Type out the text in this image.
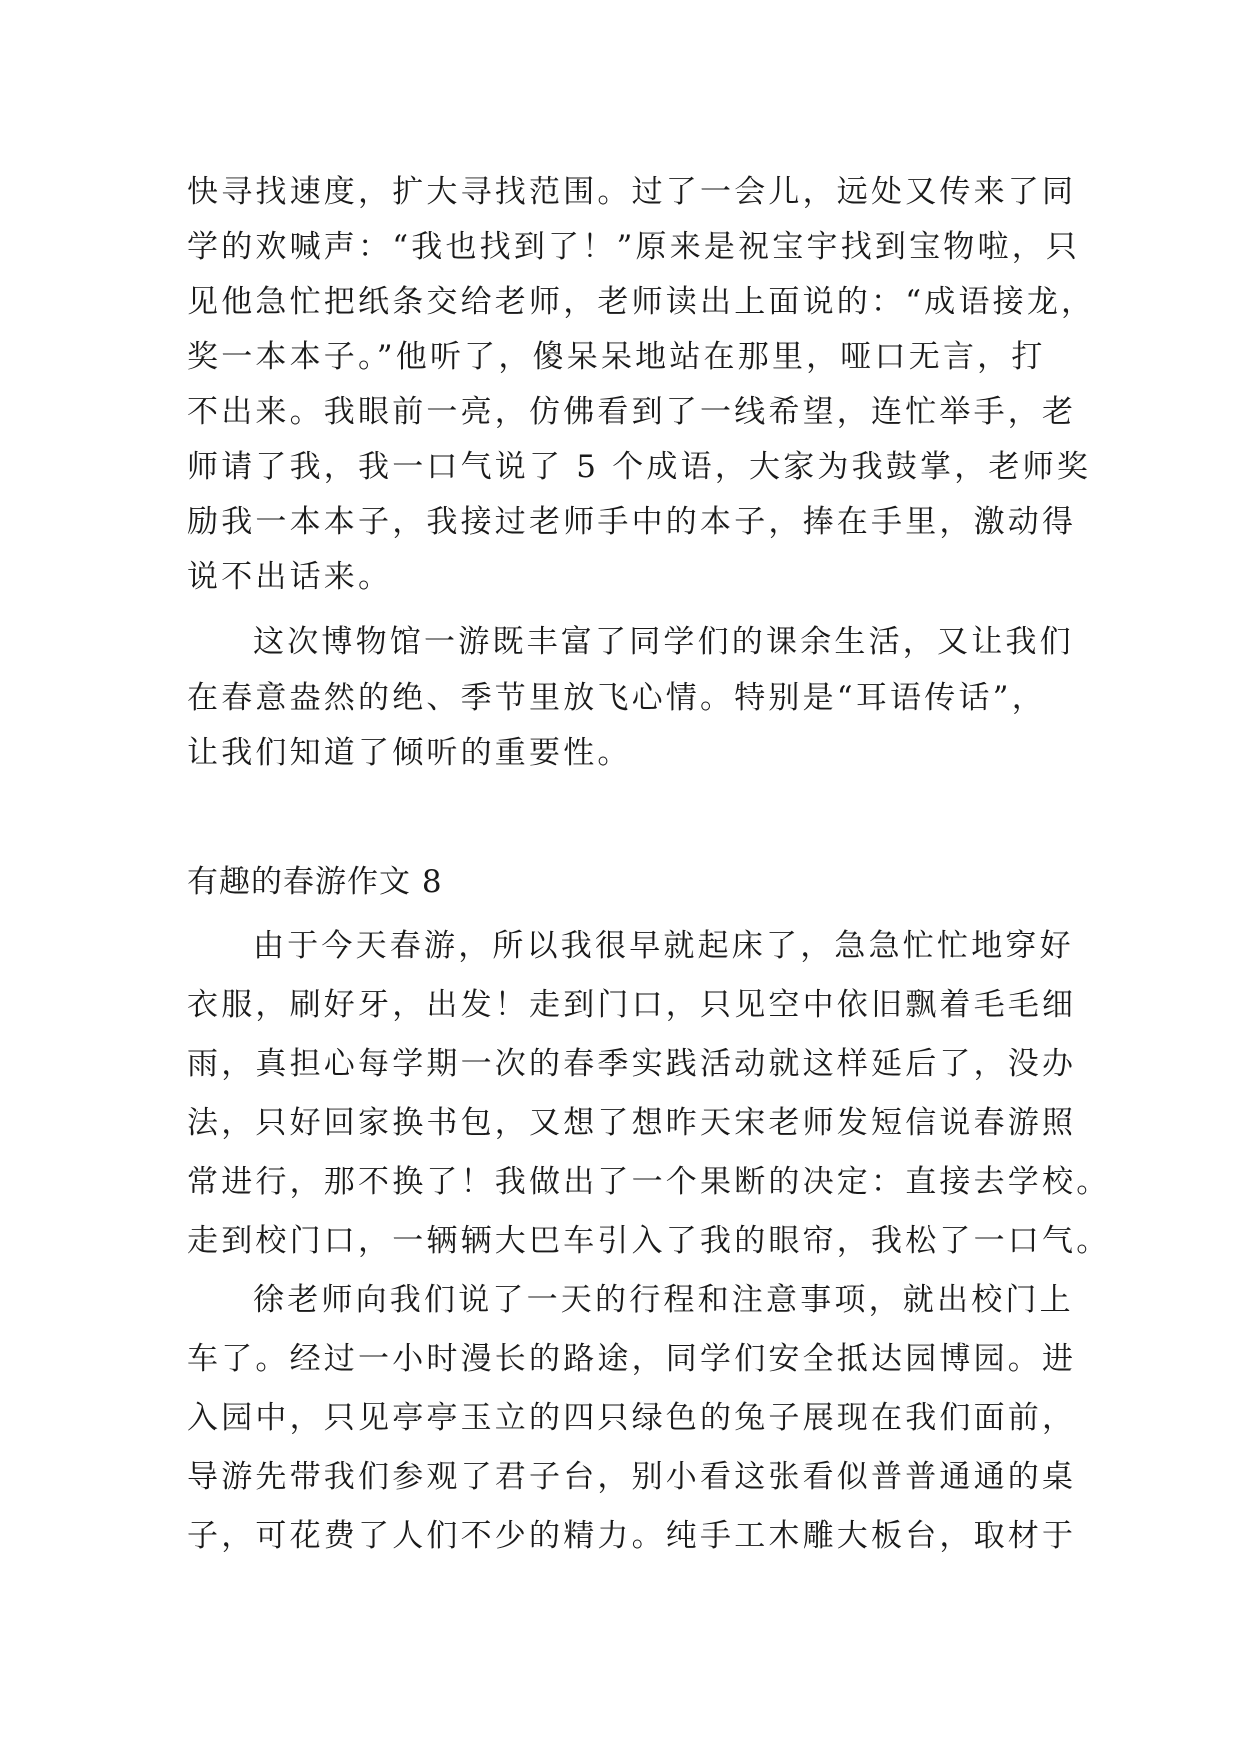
快寻找速度，扩大寻找范围。过了一会儿，远处又传来了同
学的欢喊声：“我也找到了！”原来是祝宝宇找到宝物啦，只
见他急忙把纸条交给老师，老师读出上面说的：“成语接龙，
奖一本本子。”他听了，傻呆呆地站在那里，哑口无言，打
不出来。我眼前一亮，仿佛看到了一线希望，连忙举手，老
师请了我，我一口气说了 5 个成语，大家为我鼓掌，老师奖
励我一本本子，我接过老师手中的本子，捧在手里，激动得
说不出话来。
这次博物馆一游既丰富了同学们的课余生活，又让我们
在春意盎然的绝、季节里放飞心情。特别是“耳语传话”，
让我们知道了倾听的重要性。
有趣的春游作文 8
由于今天春游，所以我很早就起床了，急急忙忙地穿好
衣服，刷好牙，出发！走到门口，只见空中依旧飘着毛毛细
雨，真担心每学期一次的春季实践活动就这样延后了，没办
法，只好回家换书包，又想了想昨天宋老师发短信说春游照
常进行，那不换了！我做出了一个果断的决定：直接去学校。
走到校门口，一辆辆大巴车引入了我的眼帘，我松了一口气。
徐老师向我们说了一天的行程和注意事项，就出校门上
车了。经过一小时漫长的路途，同学们安全抵达园博园。进
入园中，只见亭亭玉立的四只绿色的兔子展现在我们面前，
导游先带我们参观了君子台，别小看这张看似普普通通的桌
子，可花费了人们不少的精力。纯手工木雕大板台，取材于
